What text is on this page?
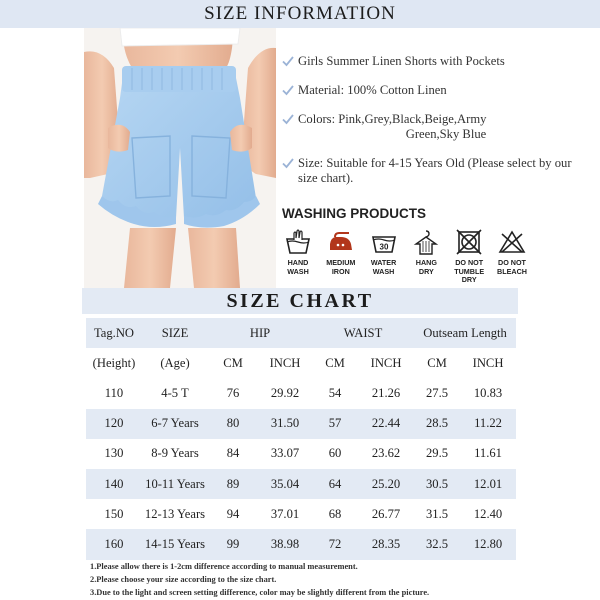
SIZE INFORMATION
Girls Summer Linen Shorts with Pockets
Material: 100% Cotton Linen
Colors: Pink,Grey,Black,Beige,Army
Green,Sky Blue
Size: Suitable for 4-15 Years Old (Please select by our size chart).
WASHING PRODUCTS
HAND
WASH
MEDIUM
IRON
30
WATER
WASH
HANG
DRY
DO NOT
TUMBLE
DRY
DO NOT
BLEACH
SIZE CHART
Tag.NO	SIZE	HIP		WAIST		Outseam Length	
(Height)	(Age)	CM	INCH	CM	INCH	CM	INCH
110	4-5 T	76	29.92	54	21.26	27.5	10.83
120	6-7 Years	80	31.50	57	22.44	28.5	11.22
130	8-9 Years	84	33.07	60	23.62	29.5	11.61
140	10-11 Years	89	35.04	64	25.20	30.5	12.01
150	12-13 Years	94	37.01	68	26.77	31.5	12.40
160	14-15 Years	99	38.98	72	28.35	32.5	12.80
1.Please allow there is 1-2cm difference according to manual measurement.
2.Please choose your size according to the size chart.
3.Due to the light and screen setting difference, color may be slightly different from the picture.
